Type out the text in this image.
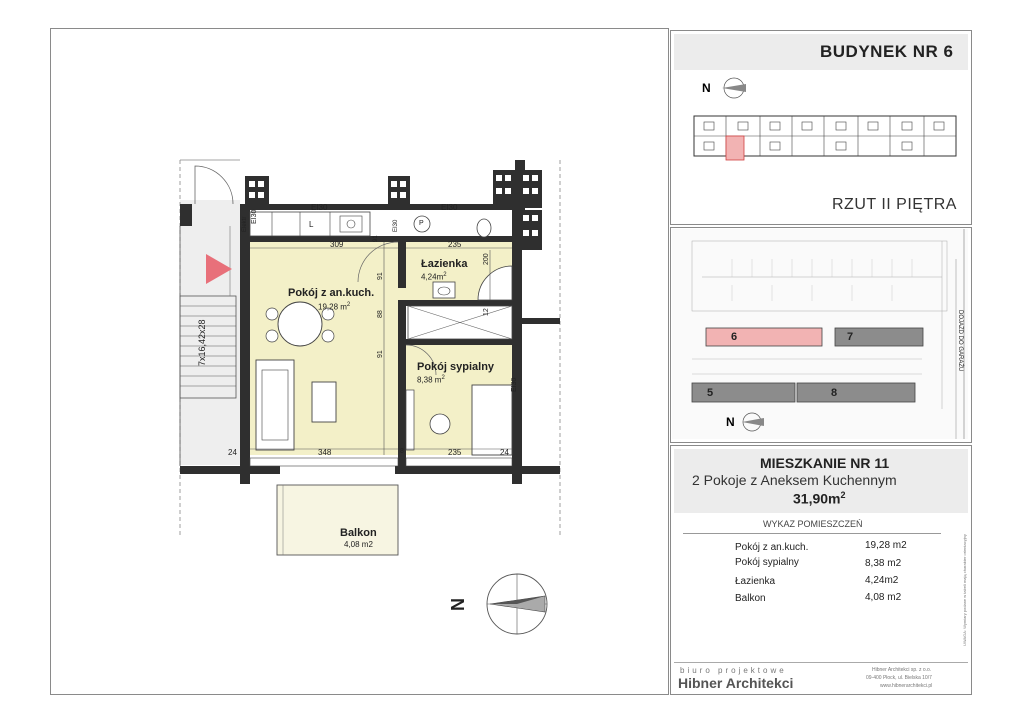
Pokój z an.kuch.
19,28 $m^2$
Łazienka
$4,24m^2$
Pokój sypialny
8,38 $m^2$
Balkon
4,08 m2
EI30	EI30
EI30
EI30
EI30
Elektr	L	P
7x16,42x28
N
309	235
200
91
88
91
12
91
24	348	8	235	24
BUDYNEK NR 6
N
RZUT II PIĘTRA
N
6	7
5	8
DOJAZD DO GARAŻU
MIESZKANIE NR 11
2 Pokoje z Aneksem Kuchennym
$31,90m^2$
WYKAZ POMIESZCZEŃ
Pokój z an.kuch.	19,28 m2
Pokój sypialny	8,38 m2
Łazienka	4,24m2
Balkon	4,08 m2	UWAGA: Wymiary podane w tabeli mają charakter orientacyjny
biuro projektowe
Hibner Architekci
Hibner Architekci sp. z o.o.
09-400 Płock, ul. Bielska 10/7
www.hibnerarchitekci.pl
